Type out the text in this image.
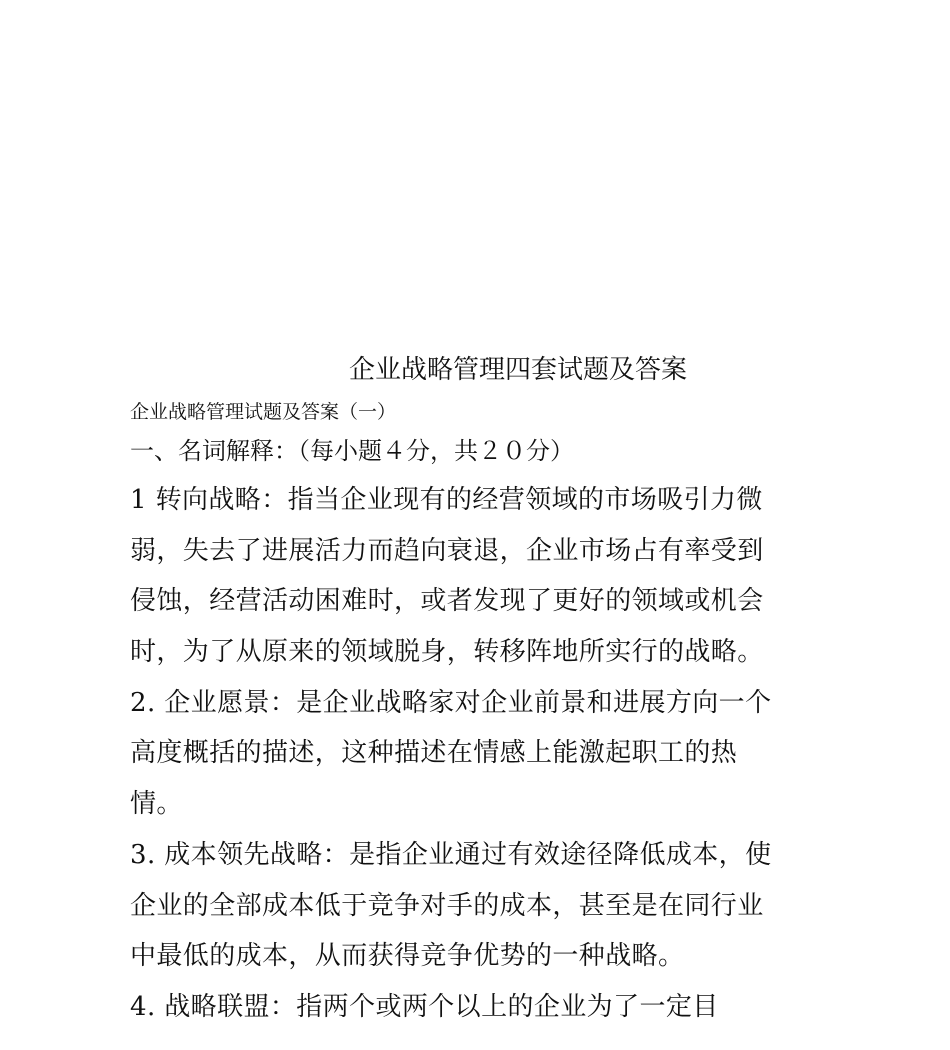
企业战略管理四套试题及答案
企业战略管理试题及答案（一）
一、名词解释：（每小题４分，共２０分）
1 转向战略：指当企业现有的经营领域的市场吸引力微
弱，失去了进展活力而趋向衰退，企业市场占有率受到
侵蚀，经营活动困难时，或者发现了更好的领域或机会
时，为了从原来的领域脱身，转移阵地所实行的战略。
2. 企业愿景：是企业战略家对企业前景和进展方向一个
高度概括的描述，这种描述在情感上能激起职工的热
情。
3. 成本领先战略：是指企业通过有效途径降低成本，使
企业的全部成本低于竞争对手的成本，甚至是在同行业
中最低的成本，从而获得竞争优势的一种战略。
4. 战略联盟：指两个或两个以上的企业为了一定目
